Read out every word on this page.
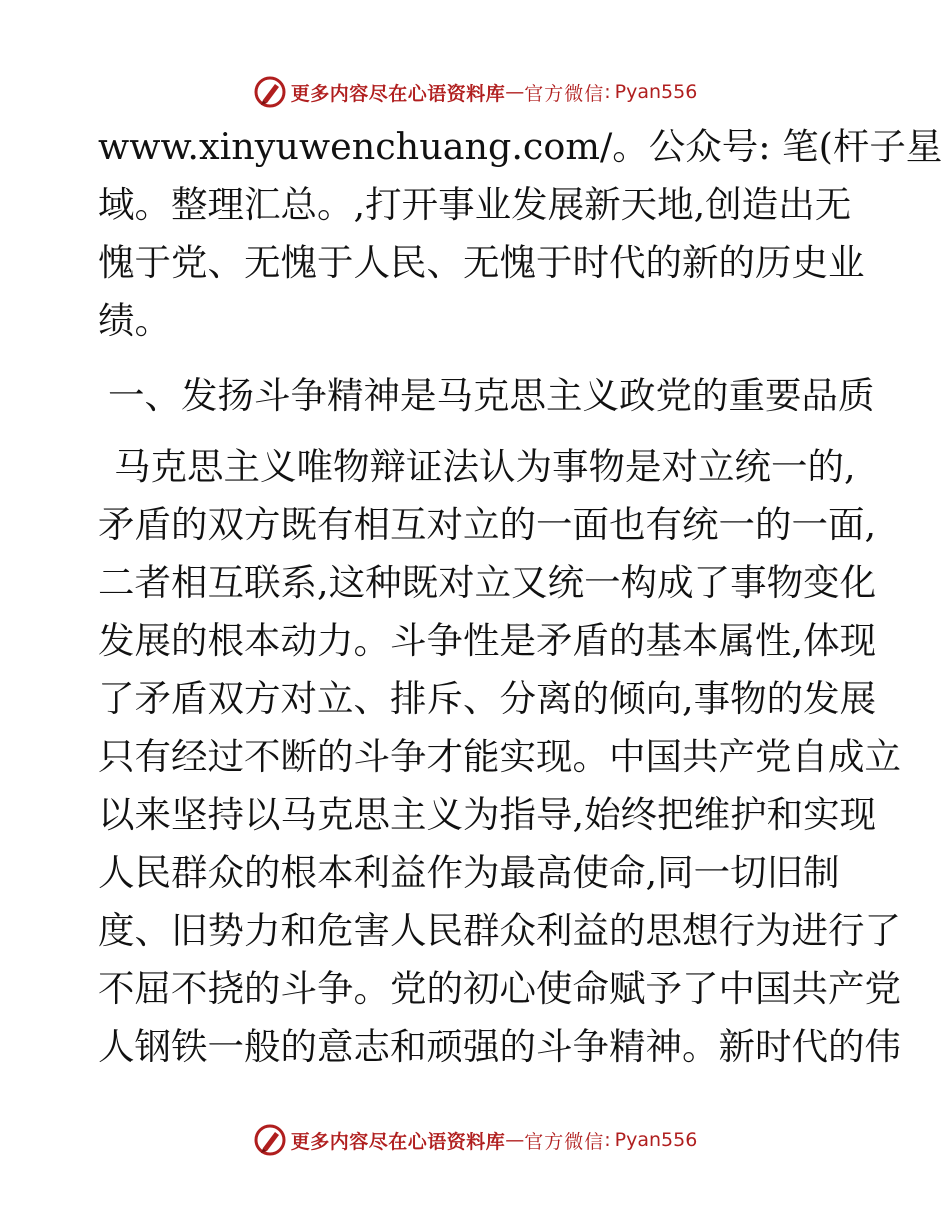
更多内容尽在心语资料库 — 官方微信 : Pyan556
www.xinyuwenchuang.com/。公众号: 笔(杆子星
域。整理汇总。,打开事业发展新天地,创造出无
愧于党、无愧于人民、无愧于时代的新的历史业
绩。
一、发扬斗争精神是马克思主义政党的重要品质
马克思主义唯物辩证法认为事物是对立统一的,
矛盾的双方既有相互对立的一面也有统一的一面,
二者相互联系,这种既对立又统一构成了事物变化
发展的根本动力。斗争性是矛盾的基本属性,体现
了矛盾双方对立、排斥、分离的倾向,事物的发展
只有经过不断的斗争才能实现。中国共产党自成立
以来坚持以马克思主义为指导,始终把维护和实现
人民群众的根本利益作为最高使命,同一切旧制
度、旧势力和危害人民群众利益的思想行为进行了
不屈不挠的斗争。党的初心使命赋予了中国共产党
人钢铁一般的意志和顽强的斗争精神。新时代的伟
更多内容尽在心语资料库 — 官方微信 : Pyan556
